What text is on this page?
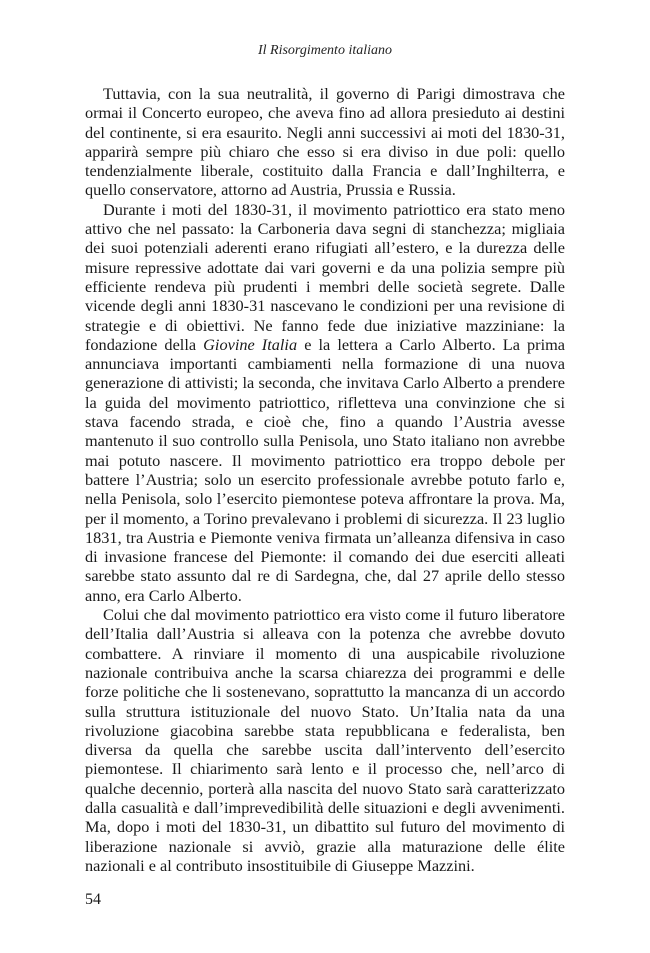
Il Risorgimento italiano

Tuttavia, con la sua neutralità, il governo di Parigi dimostrava che ormai il Concerto europeo, che aveva fino ad allora presieduto ai destini del continente, si era esaurito. Negli anni successivi ai moti del 1830-31, apparirà sempre più chiaro che esso si era diviso in due poli: quello tendenzialmente liberale, costituito dalla Francia e dall’Inghilterra, e quello conservatore, attorno ad Austria, Prussia e Russia.

Durante i moti del 1830-31, il movimento patriottico era stato meno attivo che nel passato: la Carboneria dava segni di stanchezza; migliaia dei suoi potenziali aderenti erano rifugiati all’estero, e la durezza delle misure repressive adottate dai vari governi e da una polizia sempre più efficiente rendeva più prudenti i membri delle società segrete. Dalle vicende degli anni 1830-31 nascevano le condizioni per una revisione di strategie e di obiettivi. Ne fanno fede due iniziative mazziniane: la fondazione della Giovine Italia e la lettera a Carlo Alberto. La prima annunciava importanti cambiamenti nella formazione di una nuova generazione di attivisti; la seconda, che invitava Carlo Alberto a prendere la guida del movimento patriottico, rifletteva una convinzione che si stava facendo strada, e cioè che, fino a quando l’Austria avesse mantenuto il suo controllo sulla Penisola, uno Stato italiano non avrebbe mai potuto nascere. Il movimento patriottico era troppo debole per battere l’Austria; solo un esercito professionale avrebbe potuto farlo e, nella Penisola, solo l’esercito piemontese poteva affrontare la prova. Ma, per il momento, a Torino prevalevano i problemi di sicurezza. Il 23 luglio 1831, tra Austria e Piemonte veniva firmata un’alleanza difensiva in caso di invasione francese del Piemonte: il comando dei due eserciti alleati sarebbe stato assunto dal re di Sardegna, che, dal 27 aprile dello stesso anno, era Carlo Alberto.

Colui che dal movimento patriottico era visto come il futuro liberatore dell’Italia dall’Austria si alleava con la potenza che avrebbe dovuto combattere. A rinviare il momento di una auspicabile rivoluzione nazionale contribuiva anche la scarsa chiarezza dei programmi e delle forze politiche che li sostenevano, soprattutto la mancanza di un accordo sulla struttura istituzionale del nuovo Stato. Un’Italia nata da una rivoluzione giacobina sarebbe stata repubblicana e federalista, ben diversa da quella che sarebbe uscita dall’intervento dell’esercito piemontese. Il chiarimento sarà lento e il processo che, nell’arco di qualche decennio, porterà alla nascita del nuovo Stato sarà caratterizzato dalla casualità e dall’imprevedibilità delle situazioni e degli avvenimenti. Ma, dopo i moti del 1830-31, un dibattito sul futuro del movimento di liberazione nazionale si avviò, grazie alla maturazione delle élite nazionali e al contributo insostituibile di Giuseppe Mazzini.

54
